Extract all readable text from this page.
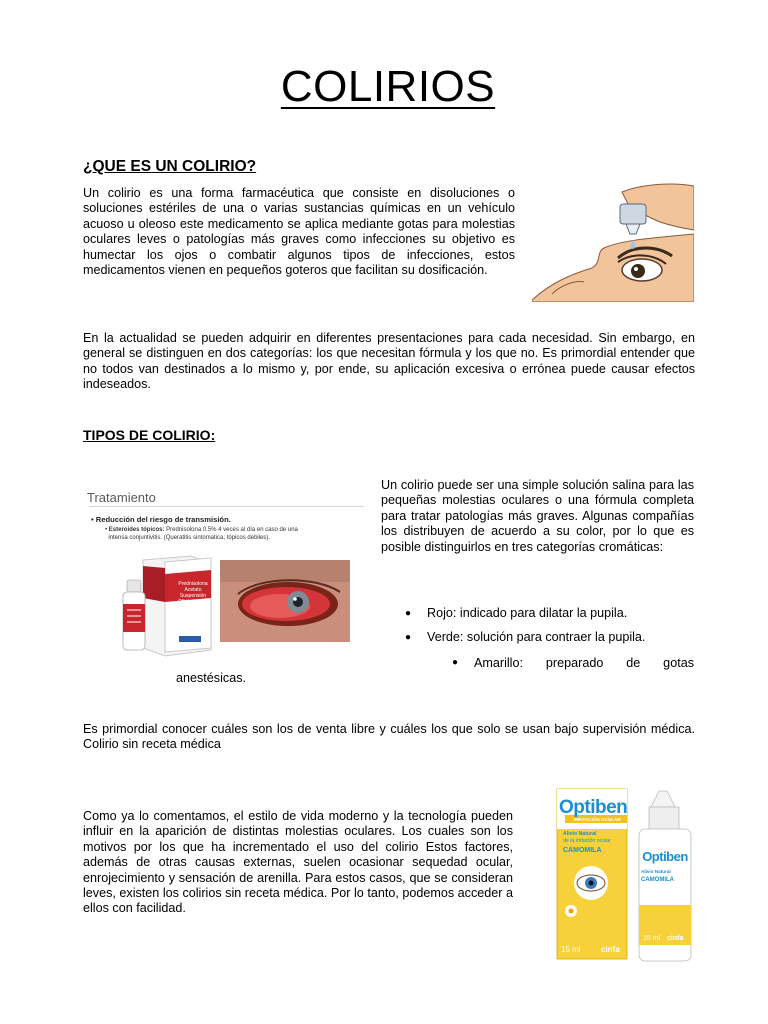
COLIRIOS
¿QUE ES UN COLIRIO?
Un colirio es una forma farmacéutica que consiste en disoluciones o soluciones estériles de una o varias sustancias químicas en un vehículo acuoso u oleoso este medicamento se aplica mediante gotas para molestias oculares leves o patologías más graves como infecciones su objetivo es humectar los ojos o combatir algunos tipos de infecciones, estos medicamentos vienen en pequeños goteros que facilitan su dosificación.
En la actualidad se pueden adquirir en diferentes presentaciones para cada necesidad. Sin embargo, en general se distinguen en dos categorías: los que necesitan fórmula y los que no. Es primordial entender que no todos van destinados a lo mismo y, por ende, su aplicación excesiva o errónea puede causar efectos indeseados.
TIPOS DE COLIRIO:
Tratamiento
• Reducción del riesgo de transmisión.
• Esteroides tópicos: Prednisolona 0.5% 4 veces al día en caso de una
intensa conjuntivitis. (Queratitis sintomatica; tópicos debiles).
Prednisolona
Acetato
Suspensión
Oftálmica 1%
Un colirio puede ser una simple solución salina para las pequeñas molestias oculares o una fórmula completa para tratar patologías más graves. Algunas compañías los distribuyen de acuerdo a su color, por lo que es posible distinguirlos en tres categorías cromáticas:
● Rojo: indicado para dilatar la pupila.
● Verde: solución para contraer la pupila.
● Amarillo: preparado de gotas
anestésicas.
Es primordial conocer cuáles son los de venta libre y cuáles los que solo se usan bajo supervisión médica. Colirio sin receta médica
Como ya lo comentamos, el estilo de vida moderno y la tecnología pueden influir en la aparición de distintas molestias oculares. Los cuales son los motivos por los que ha incrementado el uso del colirio Estos factores, además de otras causas externas, suelen ocasionar sequedad ocular, enrojecimiento y sensación de arenilla. Para estos casos, que se consideran leves, existen los colirios sin receta médica. Por lo tanto, podemos acceder a ellos con facilidad.
Optiben
IRRITACIÓN OCULAR
Alivio Natural
de la irritación ocular
CAMOMILA
15 ml	cinfa
Optiben
Alivio Natural
CAMOMILA
15 ml cinfa
